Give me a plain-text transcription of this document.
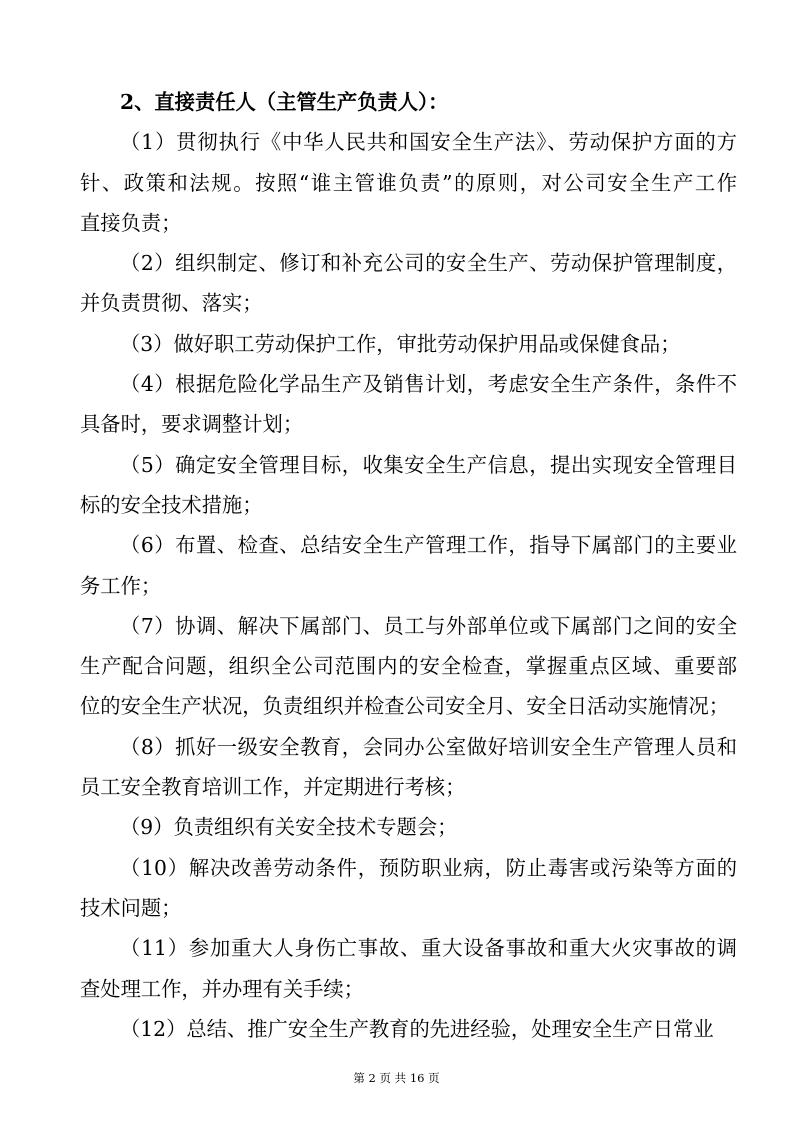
2、直接责任人（主管生产负责人）：
（1）贯彻执行《中华人民共和国安全生产法》、劳动保护方面的方
针、政策和法规。按照“谁主管谁负责”的原则，对公司安全生产工作
直接负责；
（2）组织制定、修订和补充公司的安全生产、劳动保护管理制度，
并负责贯彻、落实；
（3）做好职工劳动保护工作，审批劳动保护用品或保健食品；
（4）根据危险化学品生产及销售计划，考虑安全生产条件，条件不
具备时，要求调整计划；
（5）确定安全管理目标，收集安全生产信息，提出实现安全管理目
标的安全技术措施；
（6）布置、检查、总结安全生产管理工作，指导下属部门的主要业
务工作；
（7）协调、解决下属部门、员工与外部单位或下属部门之间的安全
生产配合问题，组织全公司范围内的安全检查，掌握重点区域、重要部
位的安全生产状况，负责组织并检查公司安全月、安全日活动实施情况；
（8）抓好一级安全教育，会同办公室做好培训安全生产管理人员和
员工安全教育培训工作，并定期进行考核；
（9）负责组织有关安全技术专题会；
（10）解决改善劳动条件，预防职业病，防止毒害或污染等方面的
技术问题；
（11）参加重大人身伤亡事故、重大设备事故和重大火灾事故的调
查处理工作，并办理有关手续；
（12）总结、推广安全生产教育的先进经验，处理安全生产日常业
第 2 页 共 16 页
